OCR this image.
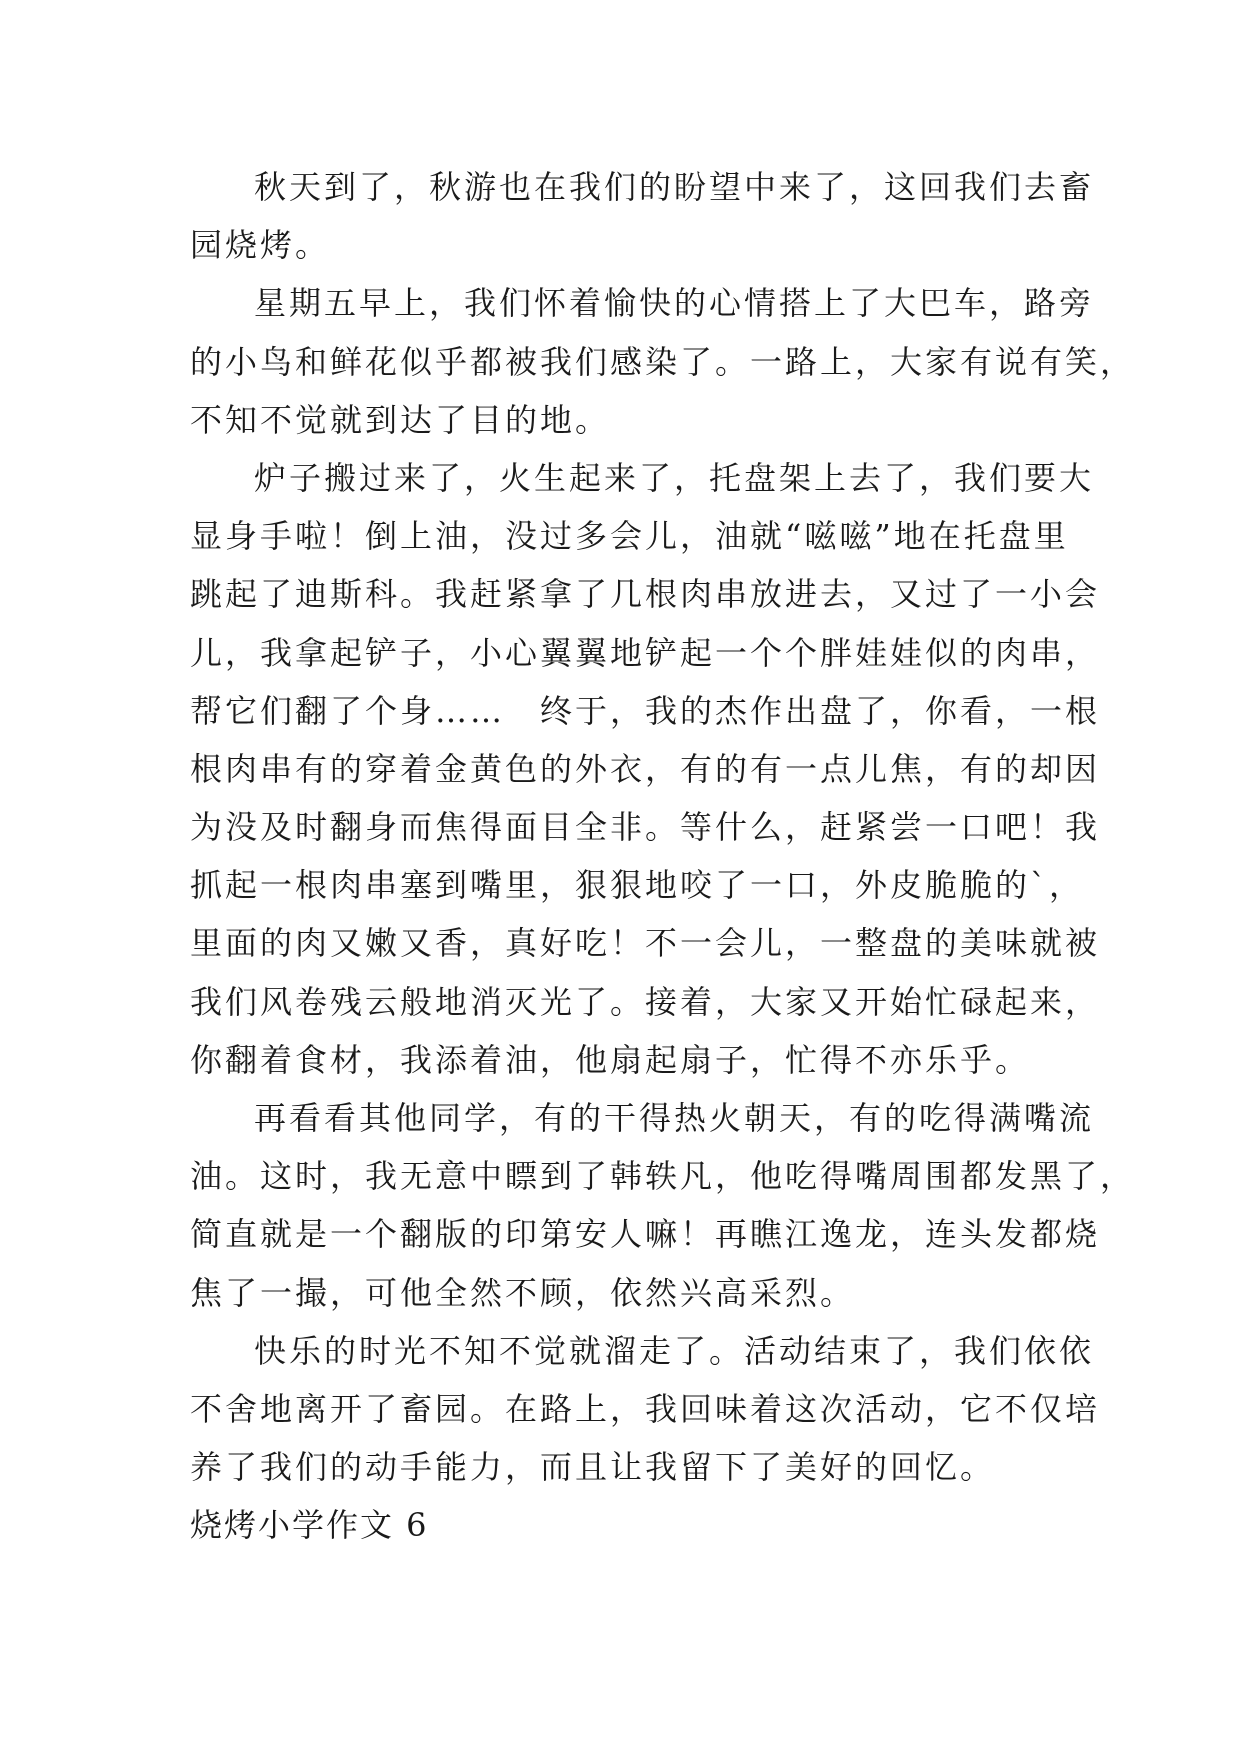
秋天到了，秋游也在我们的盼望中来了，这回我们去畜
园烧烤。
星期五早上，我们怀着愉快的心情搭上了大巴车，路旁
的小鸟和鲜花似乎都被我们感染了。一路上，大家有说有笑，
不知不觉就到达了目的地。
炉子搬过来了，火生起来了，托盘架上去了，我们要大
显身手啦！倒上油，没过多会儿，油就“嗞嗞”地在托盘里
跳起了迪斯科。我赶紧拿了几根肉串放进去，又过了一小会
儿，我拿起铲子，小心翼翼地铲起一个个胖娃娃似的肉串，
帮它们翻了个身……　终于，我的杰作出盘了，你看，一根
根肉串有的穿着金黄色的外衣，有的有一点儿焦，有的却因
为没及时翻身而焦得面目全非。等什么，赶紧尝一口吧！我
抓起一根肉串塞到嘴里，狠狠地咬了一口，外皮脆脆的`，
里面的肉又嫩又香，真好吃！不一会儿，一整盘的美味就被
我们风卷残云般地消灭光了。接着，大家又开始忙碌起来，
你翻着食材，我添着油，他扇起扇子，忙得不亦乐乎。
再看看其他同学，有的干得热火朝天，有的吃得满嘴流
油。这时，我无意中瞟到了韩轶凡，他吃得嘴周围都发黑了，
简直就是一个翻版的印第安人嘛！再瞧江逸龙，连头发都烧
焦了一撮，可他全然不顾，依然兴高采烈。
快乐的时光不知不觉就溜走了。活动结束了，我们依依
不舍地离开了畜园。在路上，我回味着这次活动，它不仅培
养了我们的动手能力，而且让我留下了美好的回忆。
烧烤小学作文 6
